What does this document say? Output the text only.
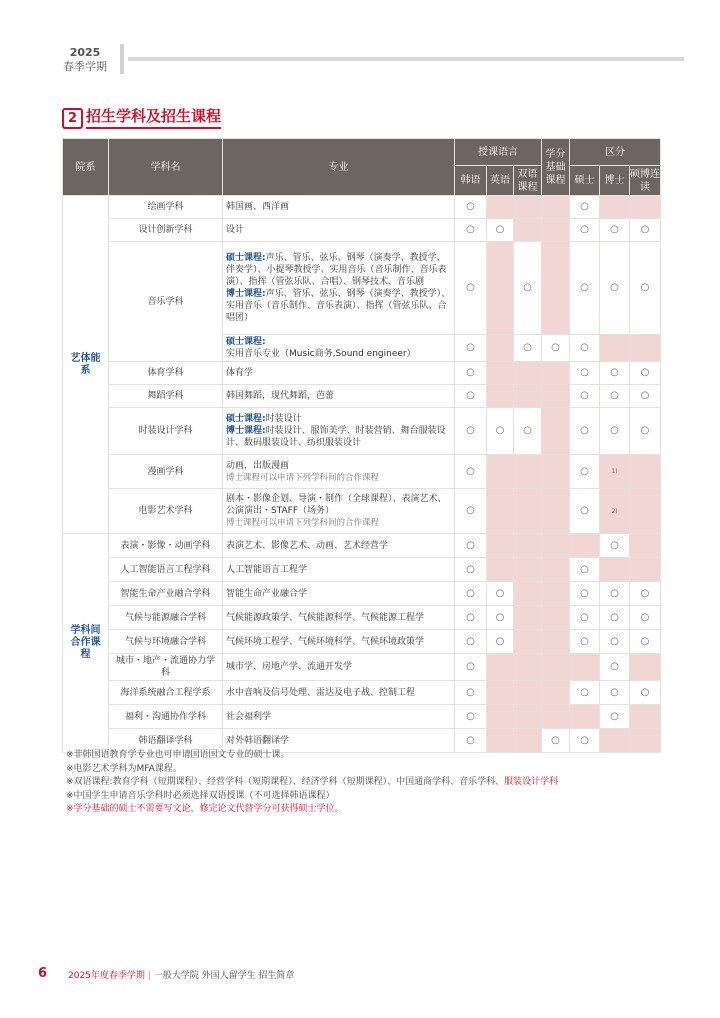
2025
春季学期
2 招生学科及招生课程
院系	学科名	专业	授课语言			学分基础课程	区分		
			韩语	英语	双语课程		硕士	博士	硕博连读
艺体能系	绘画学科	韩国画、西洋画	○				○		
	设计创新学科	设计	○	○			○	○	○
	音乐学科	硕士课程:声乐、管乐、弦乐、钢琴（演奏学、教授学、伴奏学）、小提琴教授学、实用音乐（音乐制作、音乐表演）、指挥（管弦乐队、合唱）、钢琴技术、音乐剧
博士课程:声乐、管乐、弦乐、钢琴（演奏学、教授学）、实用音乐（音乐制作、音乐表演）、指挥（管弦乐队、合唱团）	○		○		○	○	○
		硕士课程:实用音乐专业（Music商务,Sound engineer）	○		○	○	○		
	体育学科	体育学	○				○	○	○
	舞蹈学科	韩国舞蹈，现代舞蹈，芭蕾	○				○	○	○
	时装设计学科	硕士课程:时装设计
博士课程:时装设计、服饰美学、时装营销、舞台服装设计、数码服装设计、纺织服装设计	○	○	○		○	○	○
	漫画学科	动画，出版漫画
博士课程可以申请下列学科间的合作课程	○				○	1)	
	电影艺术学科	剧本・影像企划、导演・制作（全球课程）、表演艺术、公演演出・STAFF（场务）
博士课程可以申请下列学科间的合作课程	○				○	2)	
学科间合作课程	表演・影像・动画学科	表演艺术、影像艺术、动画、艺术经营学	○					○	
	人工智能语言工程学科	人工智能语言工程学	○				○		
	智能生命产业融合学科	智能生命产业融合学	○	○			○	○	○
	气候与能源融合学科	气候能源政策学、气候能源科学、气候能源工程学	○	○			○	○	○
	气候与环境融合学科	气候环境工程学、气候环境科学、气候环境政策学	○	○			○	○	○
	城市・地产・流通协力学科	城市学、房地产学、流通开发学	○					○	
	海洋系统融合工程学系	水中音响及信号处理、雷达及电子战、控制工程	○				○	○	○
	福利・沟通协作学科	社会福利学	○					○	
	韩语翻译学科	对外韩语翻译学	○			○	○		
※非韩国语教育学专业也可申请国语国文专业的硕士课。
※电影艺术学科为MFA课程。
※双语课程:教育学科（短期课程）、经营学科（短期课程）、经济学科（短期课程）、中国通商学科、音乐学科、服装设计学科
※中国学生申请音乐学科时必须选择双语授课（不可选择韩语课程）
※学分基础的硕士不需要写文论，修完论文代替学分可获得硕士学位。
6 2025年度春季学期 | 一般大学院 外国人留学生 招生简章
